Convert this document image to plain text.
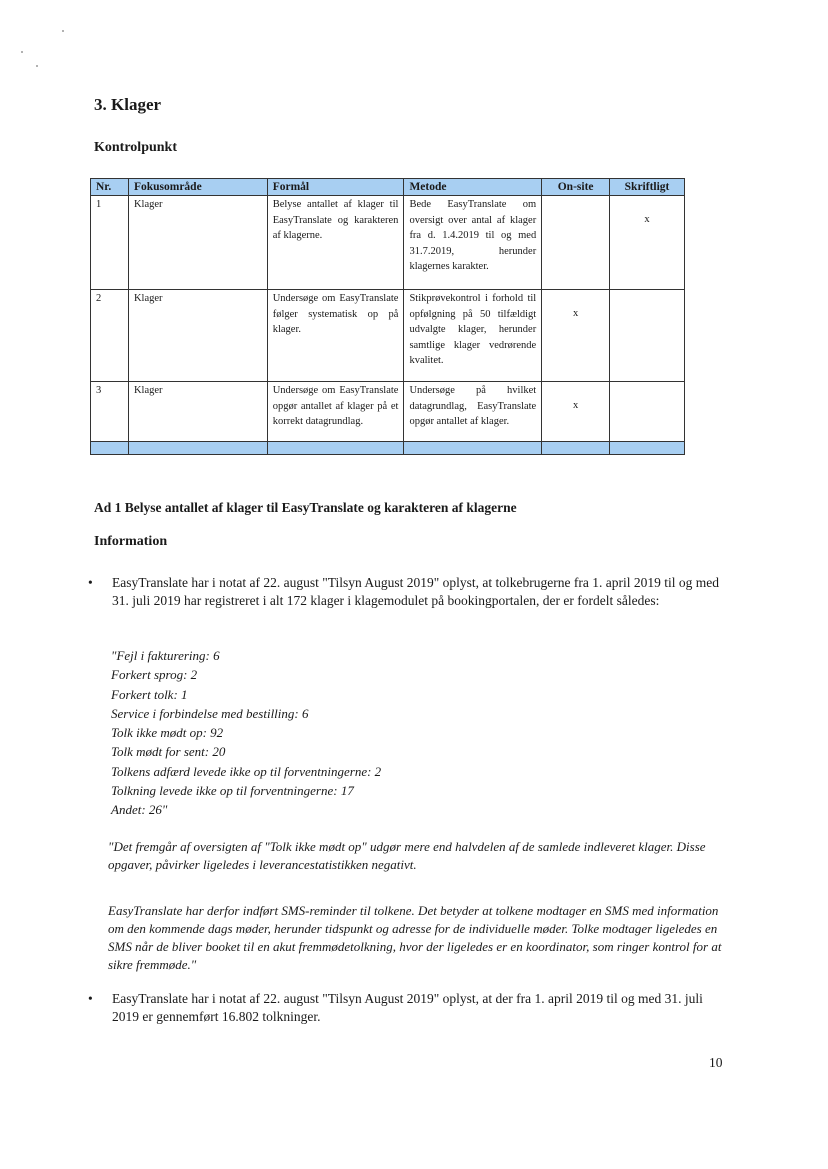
3. Klager

Kontrolpunkt

Nr.	Fokusområde	Formål	Metode	On-site	Skriftligt
1	Klager	Belyse antallet af klager til EasyTranslate og karakteren af klagerne.	Bede EasyTranslate om oversigt over antal af klager fra d. 1.4.2019 til og med 31.7.2019, herunder klagernes karakter.		x
2	Klager	Undersøge om EasyTranslate følger systematisk op på klager.	Stikprøvekontrol i forhold til opfølgning på 50 tilfældigt udvalgte klager, herunder samtlige klager vedrørende kvalitet.	x	
3	Klager	Undersøge om EasyTranslate opgør antallet af klager på et korrekt datagrundlag.	Undersøge på hvilket datagrundlag, EasyTranslate opgør antallet af klager.	x	

Ad 1 Belyse antallet af klager til EasyTranslate og karakteren af klagerne

Information

• EasyTranslate har i notat af 22. august "Tilsyn August 2019" oplyst, at tolkebrugerne fra 1. april 2019 til og med 31. juli 2019 har registreret i alt 172 klager i klagemodulet på bookingportalen, der er fordelt således:
"Fejl i fakturering: 6
Forkert sprog: 2
Forkert tolk: 1
Service i forbindelse med bestilling: 6
Tolk ikke mødt op: 92
Tolk mødt for sent: 20
Tolkens adfærd levede ikke op til forventningerne: 2
Tolkning levede ikke op til forventningerne: 17
Andet: 26"

"Det fremgår af oversigten af "Tolk ikke mødt op" udgør mere end halvdelen af de samlede indleveret klager. Disse opgaver, påvirker ligeledes i leverancestatistikken negativt.

EasyTranslate har derfor indført SMS-reminder til tolkene. Det betyder at tolkene modtager en SMS med information om den kommende dags møder, herunder tidspunkt og adresse for de individuelle møder. Tolke modtager ligeledes en SMS når de bliver booket til en akut fremmødetolkning, hvor der ligeledes er en koordinator, som ringer kontrol for at sikre fremmøde."

• EasyTranslate har i notat af 22. august "Tilsyn August 2019" oplyst, at der fra 1. april 2019 til og med 31. juli 2019 er gennemført 16.802 tolkninger.
10
